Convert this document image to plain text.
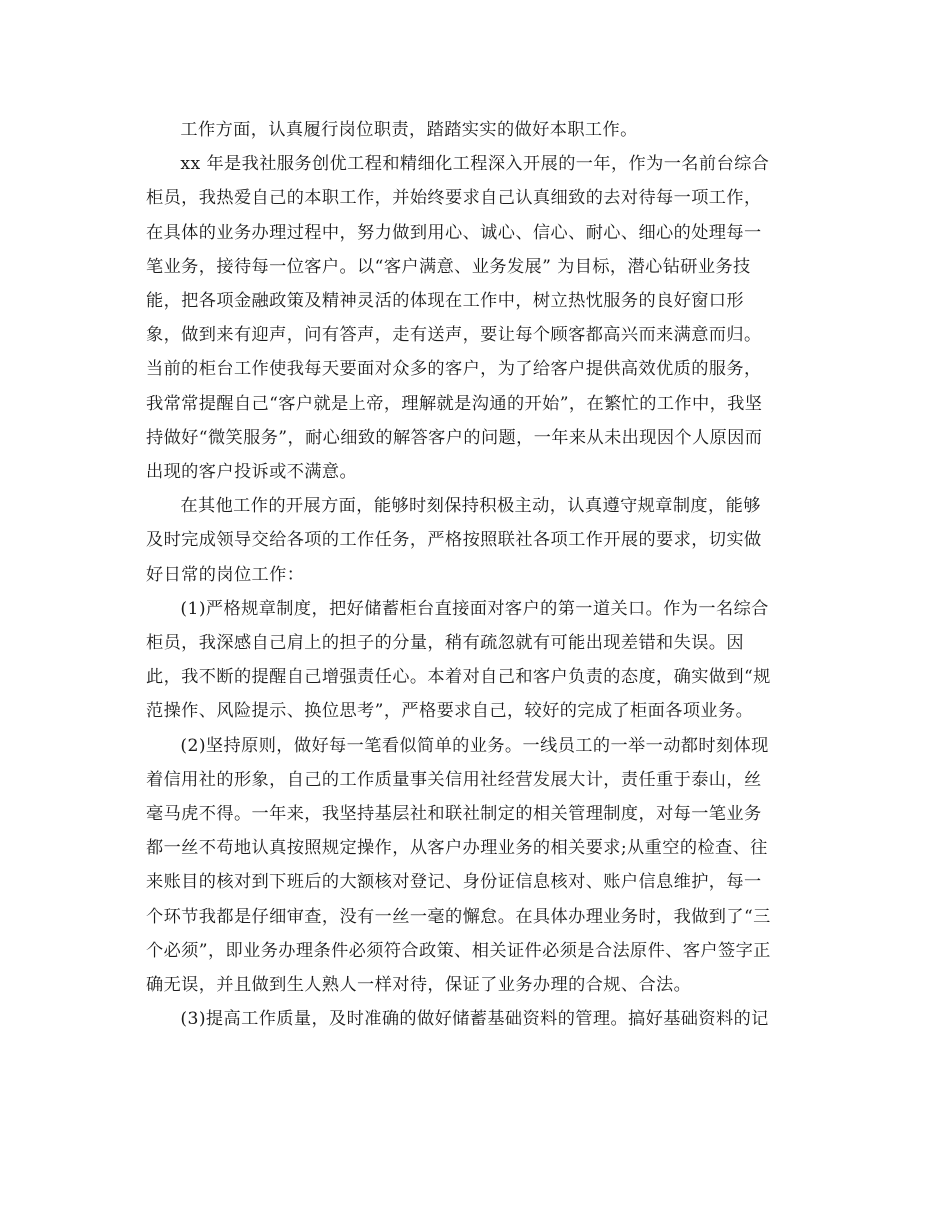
工作方面，认真履行岗位职责，踏踏实实的做好本职工作。

xx 年是我社服务创优工程和精细化工程深入开展的一年，作为一名前台综合
柜员，我热爱自己的本职工作，并始终要求自己认真细致的去对待每一项工作，
在具体的业务办理过程中，努力做到用心、诚心、信心、耐心、细心的处理每一
笔业务，接待每一位客户。以“客户满意、业务发展” 为目标，潜心钻研业务技
能，把各项金融政策及精神灵活的体现在工作中，树立热忱服务的良好窗口形
象，做到来有迎声，问有答声，走有送声，要让每个顾客都高兴而来满意而归。
当前的柜台工作使我每天要面对众多的客户，为了给客户提供高效优质的服务，
我常常提醒自己“客户就是上帝，理解就是沟通的开始”，在繁忙的工作中，我坚
持做好“微笑服务”，耐心细致的解答客户的问题，一年来从未出现因个人原因而
出现的客户投诉或不满意。

在其他工作的开展方面，能够时刻保持积极主动，认真遵守规章制度，能够
及时完成领导交给各项的工作任务，严格按照联社各项工作开展的要求，切实做
好日常的岗位工作：

(1)严格规章制度，把好储蓄柜台直接面对客户的第一道关口。作为一名综合
柜员，我深感自己肩上的担子的分量，稍有疏忽就有可能出现差错和失误。因
此，我不断的提醒自己增强责任心。本着对自己和客户负责的态度，确实做到“规
范操作、风险提示、换位思考”，严格要求自己，较好的完成了柜面各项业务。

(2)坚持原则，做好每一笔看似简单的业务。一线员工的一举一动都时刻体现
着信用社的形象，自己的工作质量事关信用社经营发展大计，责任重于泰山，丝
毫马虎不得。一年来，我坚持基层社和联社制定的相关管理制度，对每一笔业务
都一丝不苟地认真按照规定操作，从客户办理业务的相关要求;从重空的检查、往
来账目的核对到下班后的大额核对登记、身份证信息核对、账户信息维护，每一
个环节我都是仔细审查，没有一丝一毫的懈怠。在具体办理业务时，我做到了“三
个必须”，即业务办理条件必须符合政策、相关证件必须是合法原件、客户签字正
确无误，并且做到生人熟人一样对待，保证了业务办理的合规、合法。

(3)提高工作质量，及时准确的做好储蓄基础资料的管理。搞好基础资料的记
